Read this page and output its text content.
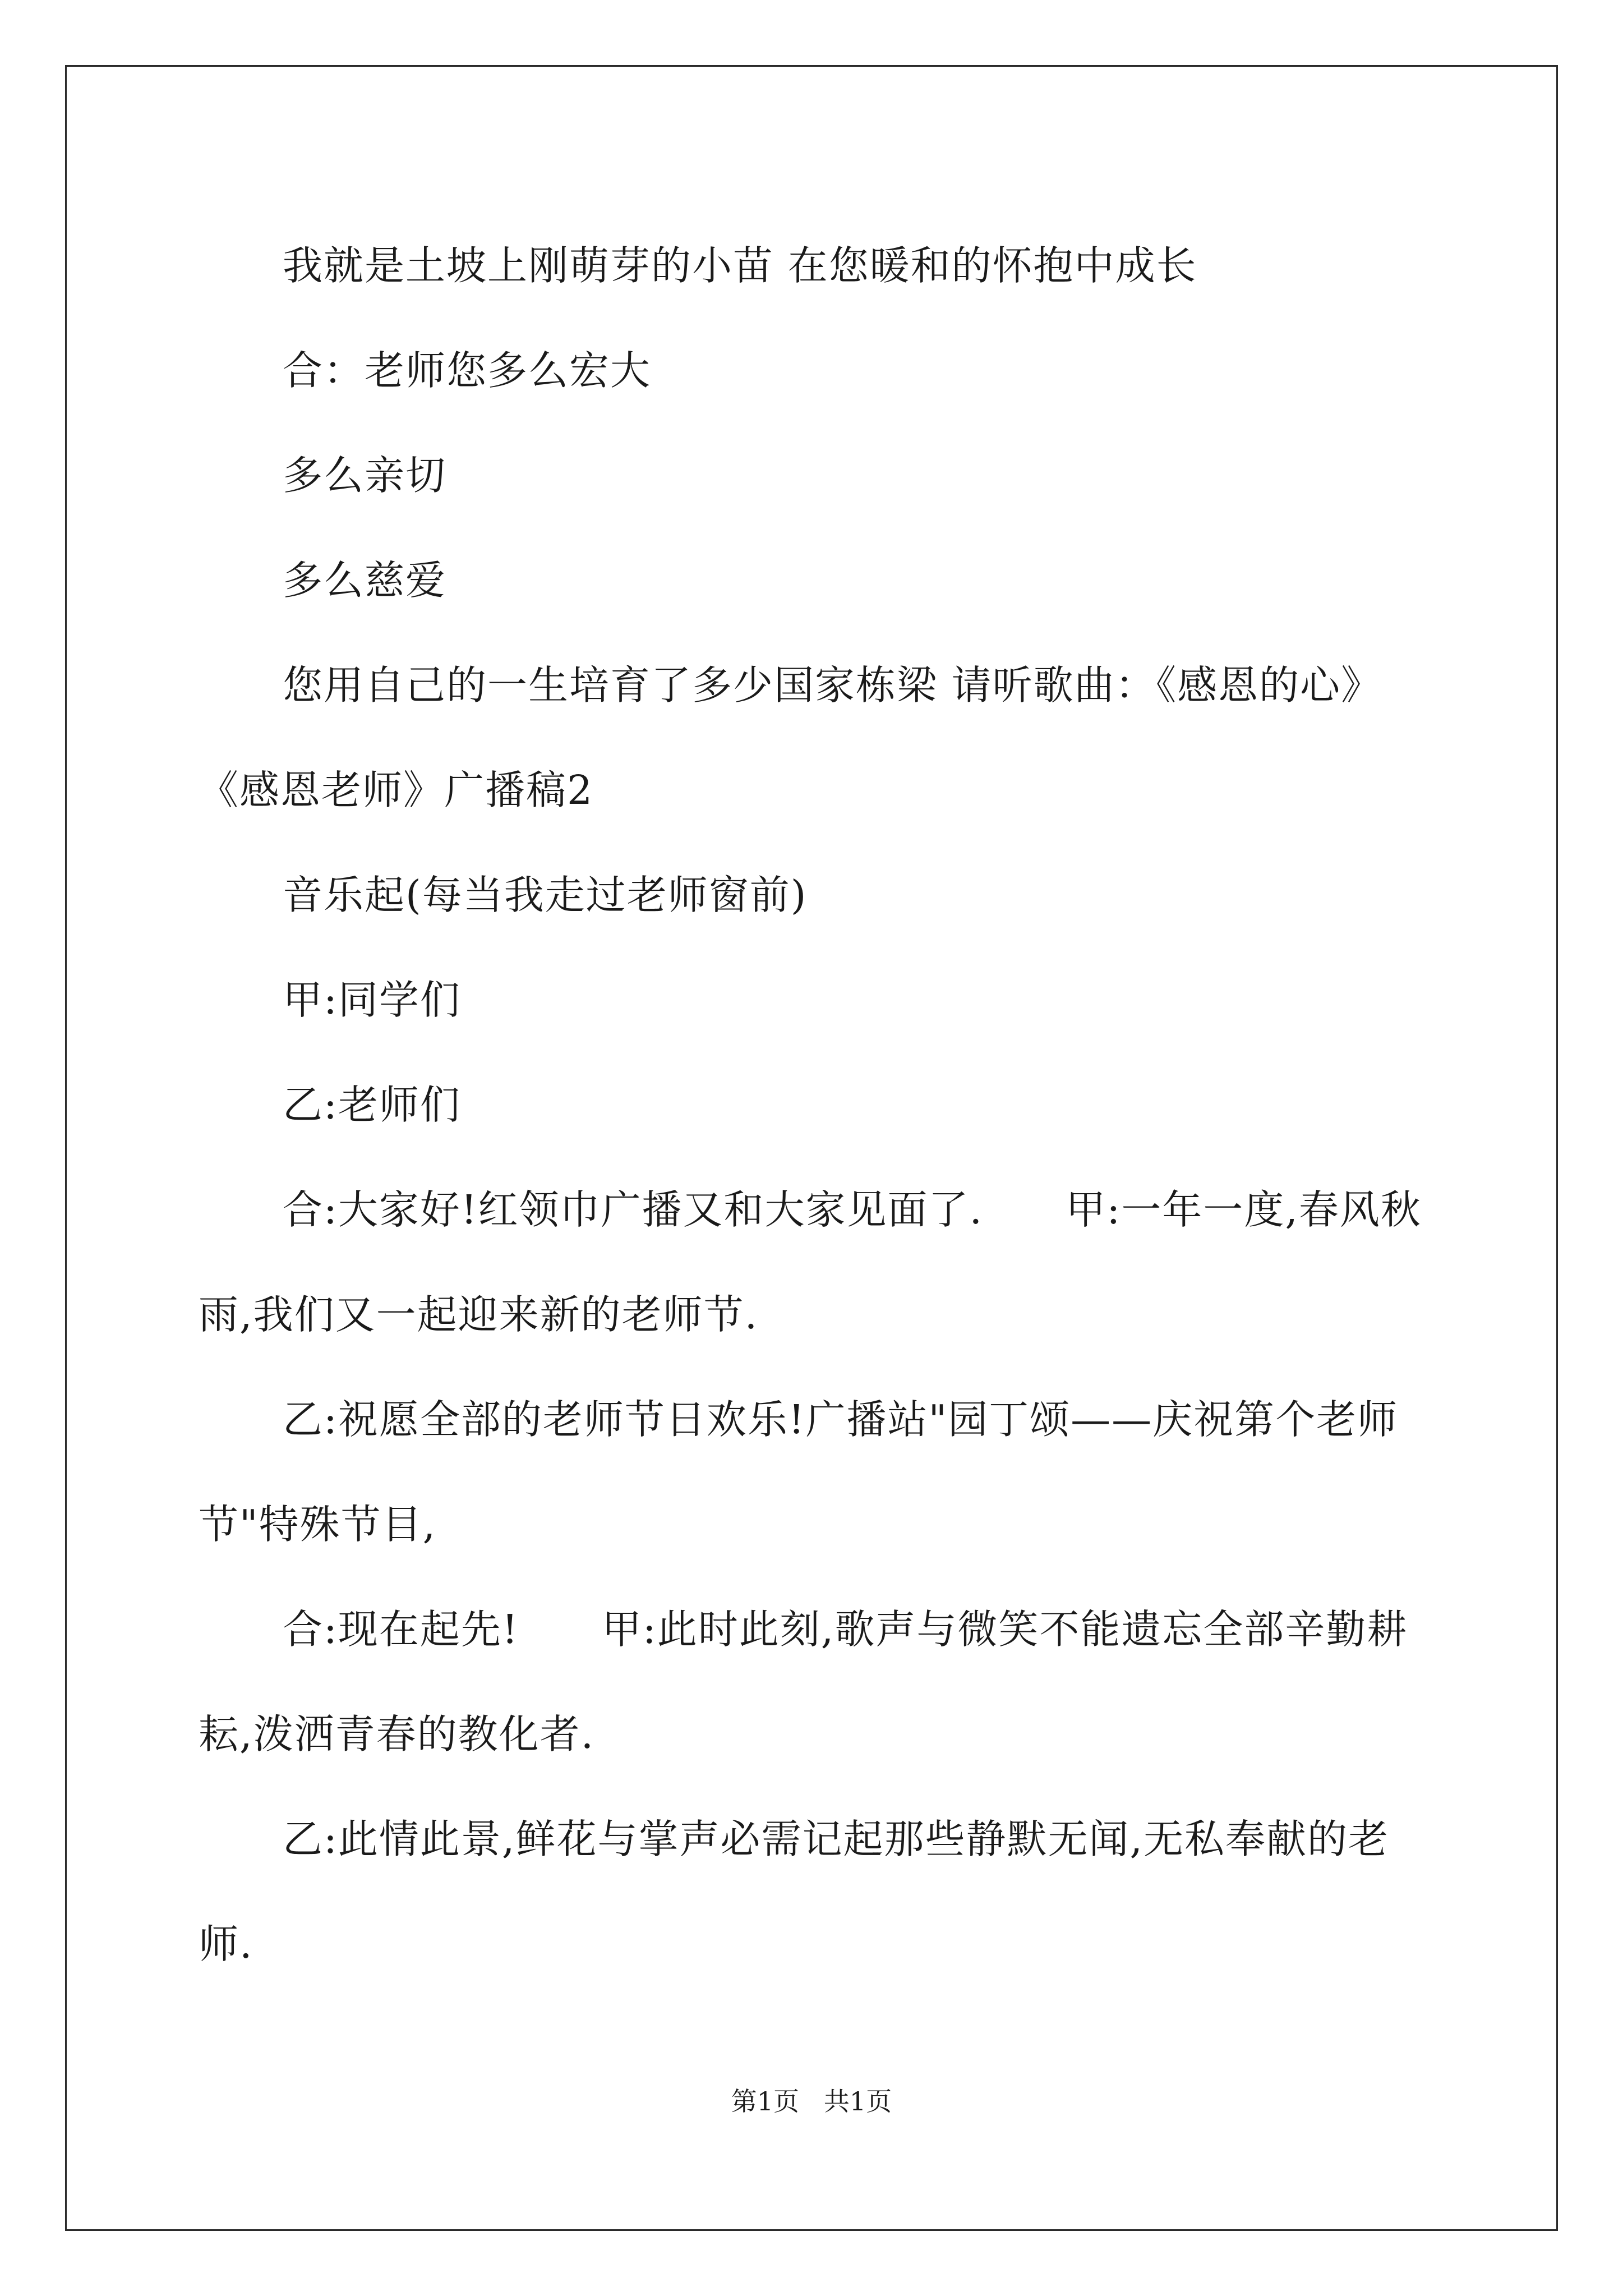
我就是土坡上刚萌芽的小苗 在您暖和的怀抱中成长

合：老师您多么宏大

多么亲切

多么慈爱

您用自己的一生培育了多少国家栋梁 请听歌曲：《感恩的心》

《感恩老师》广播稿2

音乐起(每当我走过老师窗前)

甲:同学们

乙:老师们

合:大家好!红领巾广播又和大家见面了.      甲:一年一度,春风秋雨,我们又一起迎来新的老师节.

乙:祝愿全部的老师节日欢乐!广播站"园丁颂——庆祝第个老师节"特殊节目,

合:现在起先!      甲:此时此刻,歌声与微笑不能遗忘全部辛勤耕耘,泼洒青春的教化者.

乙:此情此景,鲜花与掌声必需记起那些静默无闻,无私奉献的老师.

第1页   共1页
